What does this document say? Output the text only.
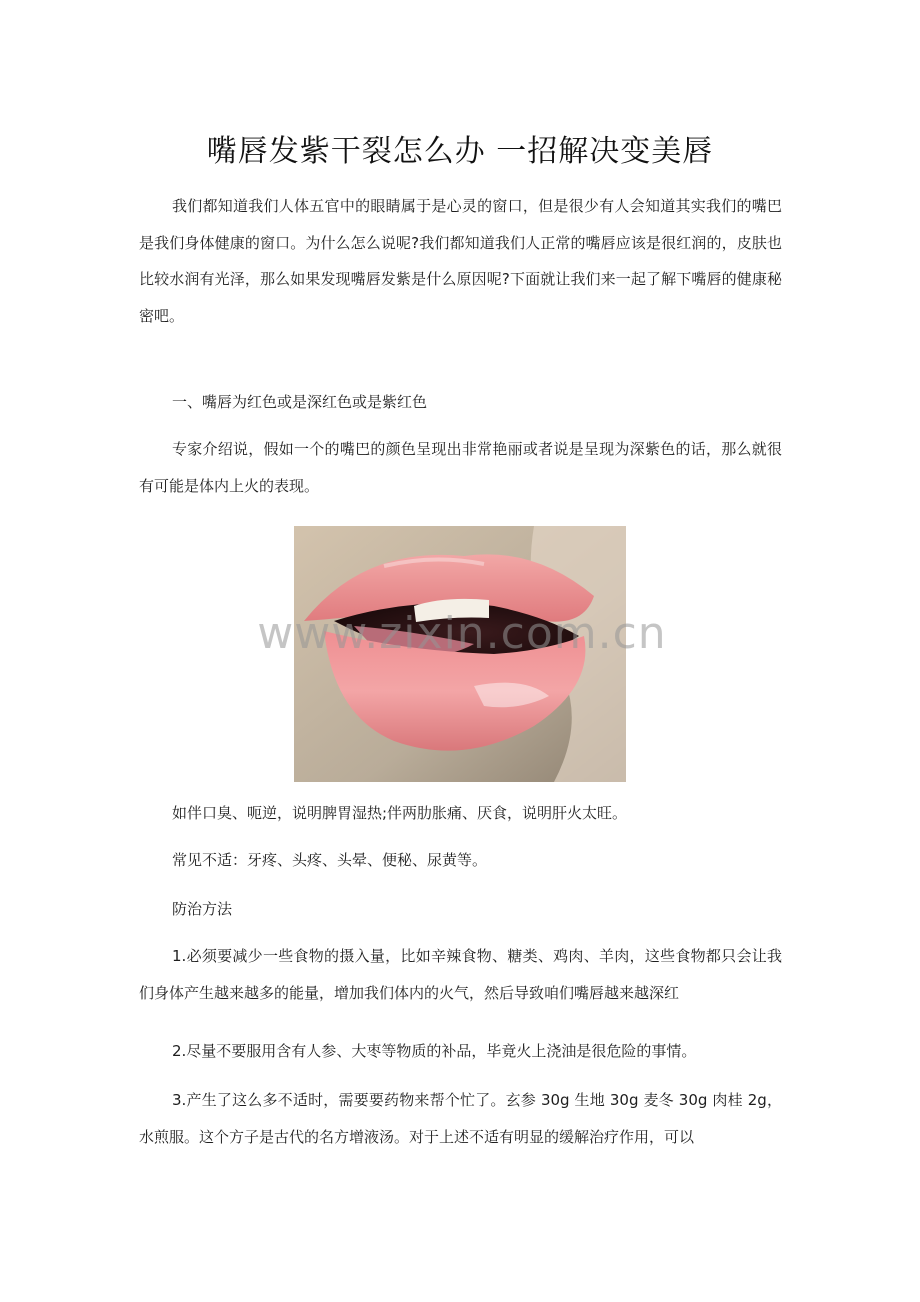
嘴唇发紫干裂怎么办 一招解决变美唇

我们都知道我们人体五官中的眼睛属于是心灵的窗口，但是很少有人会知道其实我们的嘴巴是我们身体健康的窗口。为什么怎么说呢?我们都知道我们人正常的嘴唇应该是很红润的，皮肤也比较水润有光泽，那么如果发现嘴唇发紫是什么原因呢?下面就让我们来一起了解下嘴唇的健康秘密吧。

一、嘴唇为红色或是深红色或是紫红色

专家介绍说，假如一个的嘴巴的颜色呈现出非常艳丽或者说是呈现为深紫色的话，那么就很有可能是体内上火的表现。

www.zixin.com.cn

如伴口臭、呃逆，说明脾胃湿热;伴两肋胀痛、厌食，说明肝火太旺。

常见不适：牙疼、头疼、头晕、便秘、尿黄等。

防治方法

1.必须要减少一些食物的摄入量，比如辛辣食物、糖类、鸡肉、羊肉，这些食物都只会让我们身体产生越来越多的能量，增加我们体内的火气，然后导致咱们嘴唇越来越深红

2.尽量不要服用含有人参、大枣等物质的补品，毕竟火上浇油是很危险的事情。

3.产生了这么多不适时，需要要药物来帮个忙了。玄参 30g 生地 30g 麦冬 30g 肉桂 2g，水煎服。这个方子是古代的名方增液汤。对于上述不适有明显的缓解治疗作用，可以
